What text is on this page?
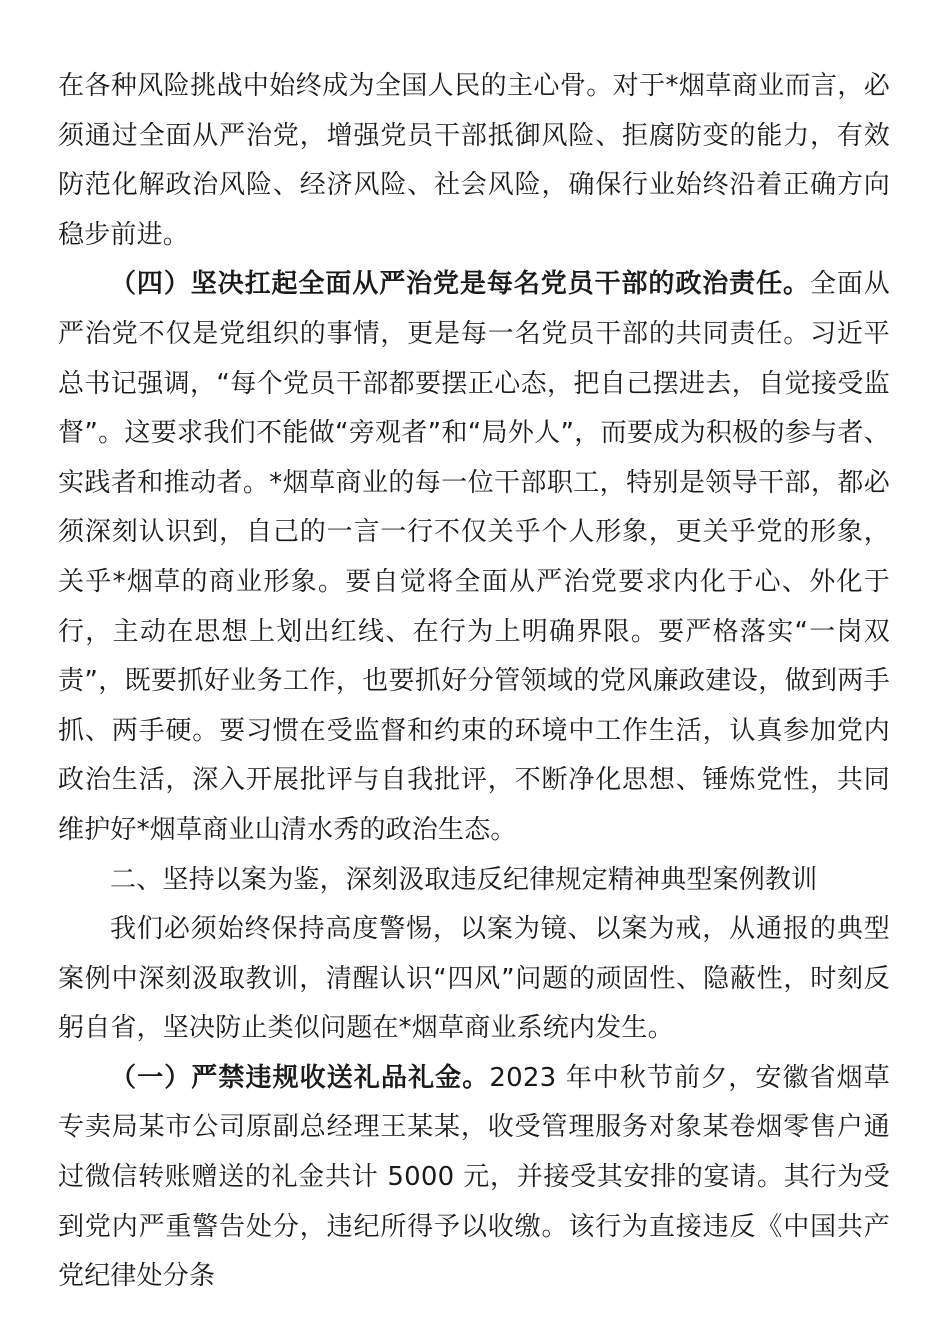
在各种风险挑战中始终成为全国人民的主心骨。对于*烟草商业而言，必须通过全面从严治党，增强党员干部抵御风险、拒腐防变的能力，有效防范化解政治风险、经济风险、社会风险，确保行业始终沿着正确方向稳步前进。

（四）坚决扛起全面从严治党是每名党员干部的政治责任。全面从严治党不仅是党组织的事情，更是每一名党员干部的共同责任。习近平总书记强调，“每个党员干部都要摆正心态，把自己摆进去，自觉接受监督”。这要求我们不能做“旁观者”和“局外人”，而要成为积极的参与者、实践者和推动者。*烟草商业的每一位干部职工，特别是领导干部，都必须深刻认识到，自己的一言一行不仅关乎个人形象，更关乎党的形象，关乎*烟草的商业形象。要自觉将全面从严治党要求内化于心、外化于行，主动在思想上划出红线、在行为上明确界限。要严格落实“一岗双责”，既要抓好业务工作，也要抓好分管领域的党风廉政建设，做到两手抓、两手硬。要习惯在受监督和约束的环境中工作生活，认真参加党内政治生活，深入开展批评与自我批评，不断净化思想、锤炼党性，共同维护好*烟草商业山清水秀的政治生态。

二、坚持以案为鉴，深刻汲取违反纪律规定精神典型案例教训

我们必须始终保持高度警惕，以案为镜、以案为戒，从通报的典型案例中深刻汲取教训，清醒认识“四风”问题的顽固性、隐蔽性，时刻反躬自省，坚决防止类似问题在*烟草商业系统内发生。

（一）严禁违规收送礼品礼金。2023 年中秋节前夕，安徽省烟草专卖局某市公司原副总经理王某某，收受管理服务对象某卷烟零售户通过微信转账赠送的礼金共计 5000 元，并接受其安排的宴请。其行为受到党内严重警告处分，违纪所得予以收缴。该行为直接违反《中国共产党纪律处分条
